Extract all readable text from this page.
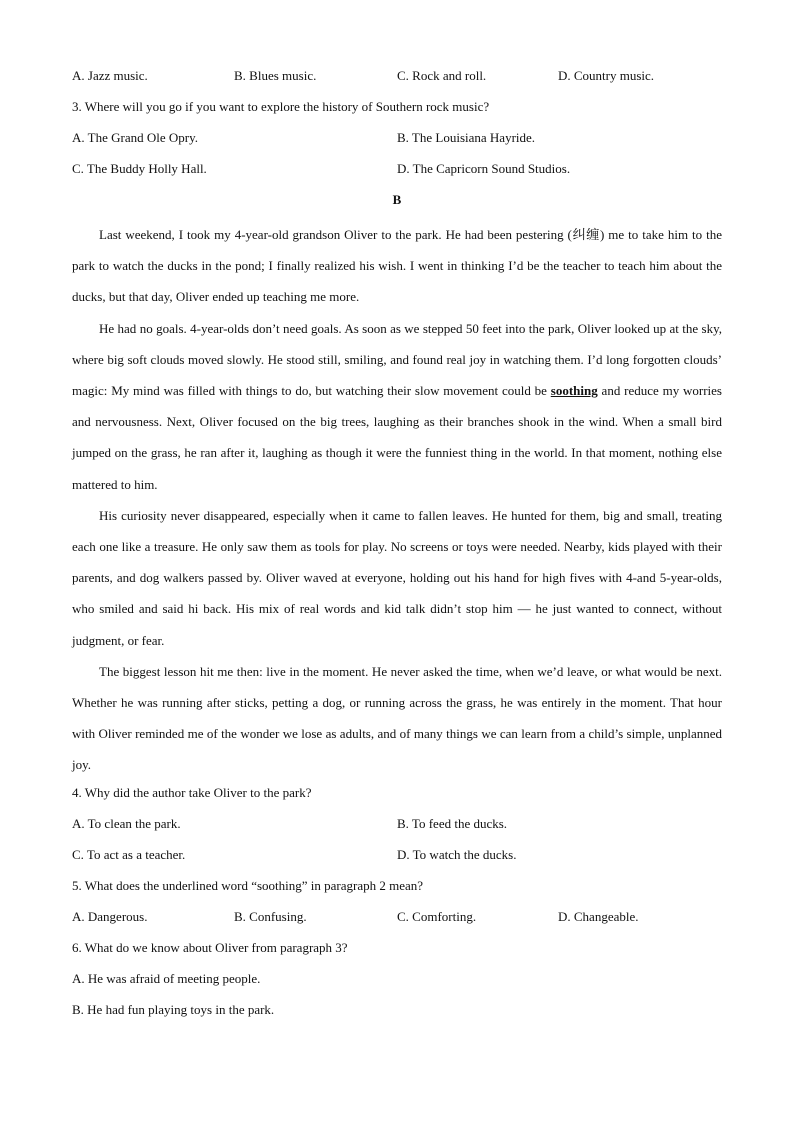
A. Jazz music.	B. Blues music.	C. Rock and roll.	D. Country music.
3. Where will you go if you want to explore the history of Southern rock music?
A. The Grand Ole Opry.	B. The Louisiana Hayride.
C. The Buddy Holly Hall.	D. The Capricorn Sound Studios.
B

Last weekend, I took my 4-year-old grandson Oliver to the park. He had been pestering (纠缠) me to take him to the park to watch the ducks in the pond; I finally realized his wish. I went in thinking I’d be the teacher to teach him about the ducks, but that day, Oliver ended up teaching me more.

He had no goals. 4-year-olds don’t need goals. As soon as we stepped 50 feet into the park, Oliver looked up at the sky, where big soft clouds moved slowly. He stood still, smiling, and found real joy in watching them. I’d long forgotten clouds’ magic: My mind was filled with things to do, but watching their slow movement could be soothing and reduce my worries and nervousness. Next, Oliver focused on the big trees, laughing as their branches shook in the wind. When a small bird jumped on the grass, he ran after it, laughing as though it were the funniest thing in the world. In that moment, nothing else mattered to him.

His curiosity never disappeared, especially when it came to fallen leaves. He hunted for them, big and small, treating each one like a treasure. He only saw them as tools for play. No screens or toys were needed. Nearby, kids played with their parents, and dog walkers passed by. Oliver waved at everyone, holding out his hand for high fives with 4-and 5-year-olds, who smiled and said hi back. His mix of real words and kid talk didn’t stop him — he just wanted to connect, without judgment, or fear.

The biggest lesson hit me then: live in the moment. He never asked the time, when we’d leave, or what would be next. Whether he was running after sticks, petting a dog, or running across the grass, he was entirely in the moment. That hour with Oliver reminded me of the wonder we lose as adults, and of many things we can learn from a child’s simple, unplanned joy.

4. Why did the author take Oliver to the park?
A. To clean the park.	B. To feed the ducks.
C. To act as a teacher.	D. To watch the ducks.
5. What does the underlined word “soothing” in paragraph 2 mean?
A. Dangerous.	B. Confusing.	C. Comforting.	D. Changeable.
6. What do we know about Oliver from paragraph 3?
A. He was afraid of meeting people.
B. He had fun playing toys in the park.
